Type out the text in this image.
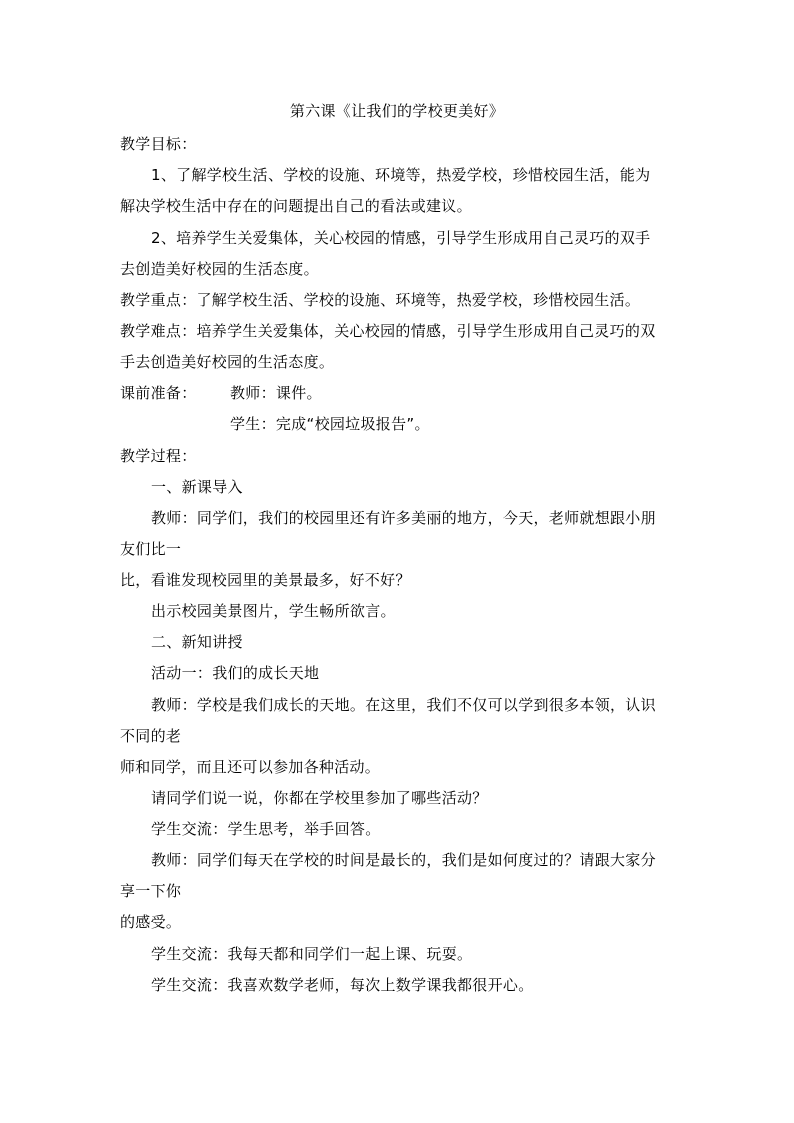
第六课《让我们的学校更美好》
教学目标：
1、了解学校生活、学校的设施、环境等，热爱学校，珍惜校园生活，能为
解决学校生活中存在的问题提出自己的看法或建议。
2、培养学生关爱集体，关心校园的情感，引导学生形成用自己灵巧的双手
去创造美好校园的生活态度。
教学重点：了解学校生活、学校的设施、环境等，热爱学校，珍惜校园生活。
教学难点：培养学生关爱集体，关心校园的情感，引导学生形成用自己灵巧的双
手去创造美好校园的生活态度。
课前准备： 教师：课件。
学生：完成“校园垃圾报告”。
教学过程：
一、新课导入
教师：同学们，我们的校园里还有许多美丽的地方，今天，老师就想跟小朋
友们比一
比，看谁发现校园里的美景最多，好不好？
出示校园美景图片，学生畅所欲言。
二、新知讲授
活动一：我们的成长天地
教师：学校是我们成长的天地。在这里，我们不仅可以学到很多本领，认识
不同的老
师和同学，而且还可以参加各种活动。
请同学们说一说，你都在学校里参加了哪些活动？
学生交流：学生思考，举手回答。
教师：同学们每天在学校的时间是最长的，我们是如何度过的？请跟大家分
享一下你
的感受。
学生交流：我每天都和同学们一起上课、玩耍。
学生交流：我喜欢数学老师，每次上数学课我都很开心。
